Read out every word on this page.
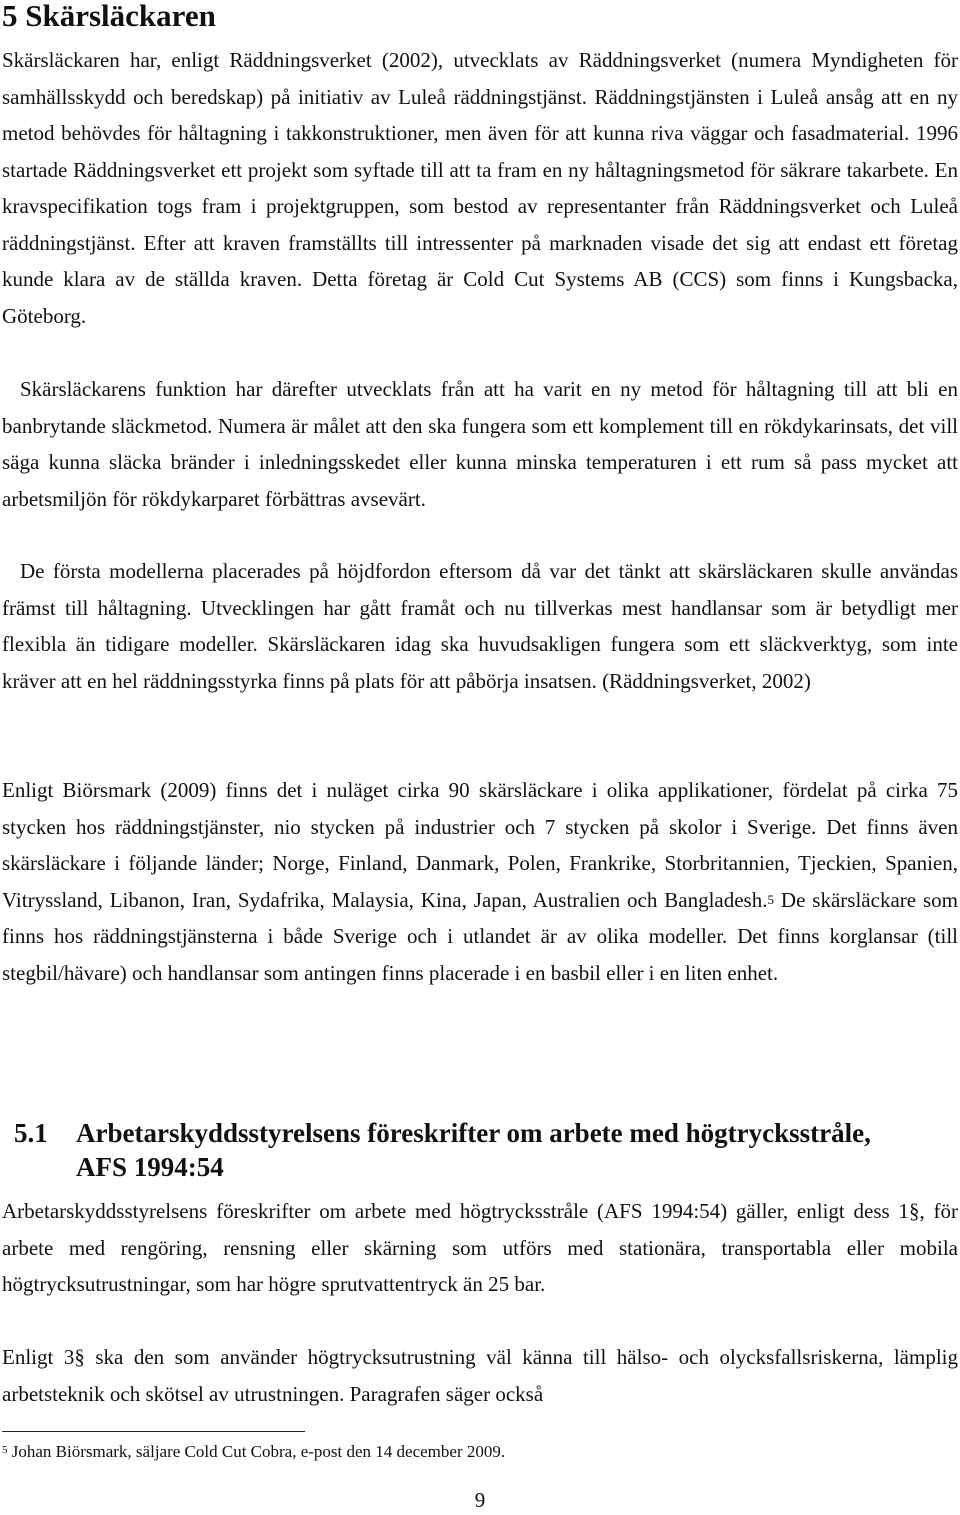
5 Skärsläckaren

Skärsläckaren har, enligt Räddningsverket (2002), utvecklats av Räddningsverket (numera Myndigheten för samhällsskydd och beredskap) på initiativ av Luleå räddningstjänst. Räddningstjänsten i Luleå ansåg att en ny metod behövdes för håltagning i takkonstruktioner, men även för att kunna riva väggar och fasadmaterial. 1996 startade Räddningsverket ett projekt som syftade till att ta fram en ny håltagningsmetod för säkrare takarbete. En kravspecifikation togs fram i projektgruppen, som bestod av representanter från Räddningsverket och Luleå räddningstjänst. Efter att kraven framställts till intressenter på marknaden visade det sig att endast ett företag kunde klara av de ställda kraven. Detta företag är Cold Cut Systems AB (CCS) som finns i Kungsbacka, Göteborg.

Skärsläckarens funktion har därefter utvecklats från att ha varit en ny metod för håltagning till att bli en banbrytande släckmetod. Numera är målet att den ska fungera som ett komplement till en rökdykarinsats, det vill säga kunna släcka bränder i inledningsskedet eller kunna minska temperaturen i ett rum så pass mycket att arbetsmiljön för rökdykarparet förbättras avsevärt.

De första modellerna placerades på höjdfordon eftersom då var det tänkt att skärsläckaren skulle användas främst till håltagning. Utvecklingen har gått framåt och nu tillverkas mest handlansar som är betydligt mer flexibla än tidigare modeller. Skärsläckaren idag ska huvudsakligen fungera som ett släckverktyg, som inte kräver att en hel räddningsstyrka finns på plats för att påbörja insatsen. (Räddningsverket, 2002)

Enligt Biörsmark (2009) finns det i nuläget cirka 90 skärsläckare i olika applikationer, fördelat på cirka 75 stycken hos räddningstjänster, nio stycken på industrier och 7 stycken på skolor i Sverige. Det finns även skärsläckare i följande länder; Norge, Finland, Danmark, Polen, Frankrike, Storbritannien, Tjeckien, Spanien, Vitryssland, Libanon, Iran, Sydafrika, Malaysia, Kina, Japan, Australien och Bangladesh.$^5$ De skärsläckare som finns hos räddningstjänsterna i både Sverige och i utlandet är av olika modeller. Det finns korglansar (till stegbil/hävare) och handlansar som antingen finns placerade i en basbil eller i en liten enhet.

5.1 Arbetarskyddsstyrelsens föreskrifter om arbete med högtrycksstråle,
AFS 1994:54

Arbetarskyddsstyrelsens föreskrifter om arbete med högtrycksstråle (AFS 1994:54) gäller, enligt dess 1§, för arbete med rengöring, rensning eller skärning som utförs med stationära, transportabla eller mobila högtrycksutrustningar, som har högre sprutvattentryck än 25 bar.

Enligt 3§ ska den som använder högtrycksutrustning väl känna till hälso- och olycksfallsriskerna, lämplig arbetsteknik och skötsel av utrustningen. Paragrafen säger också

$^5$ Johan Biörsmark, säljare Cold Cut Cobra, e-post den 14 december 2009.
9
